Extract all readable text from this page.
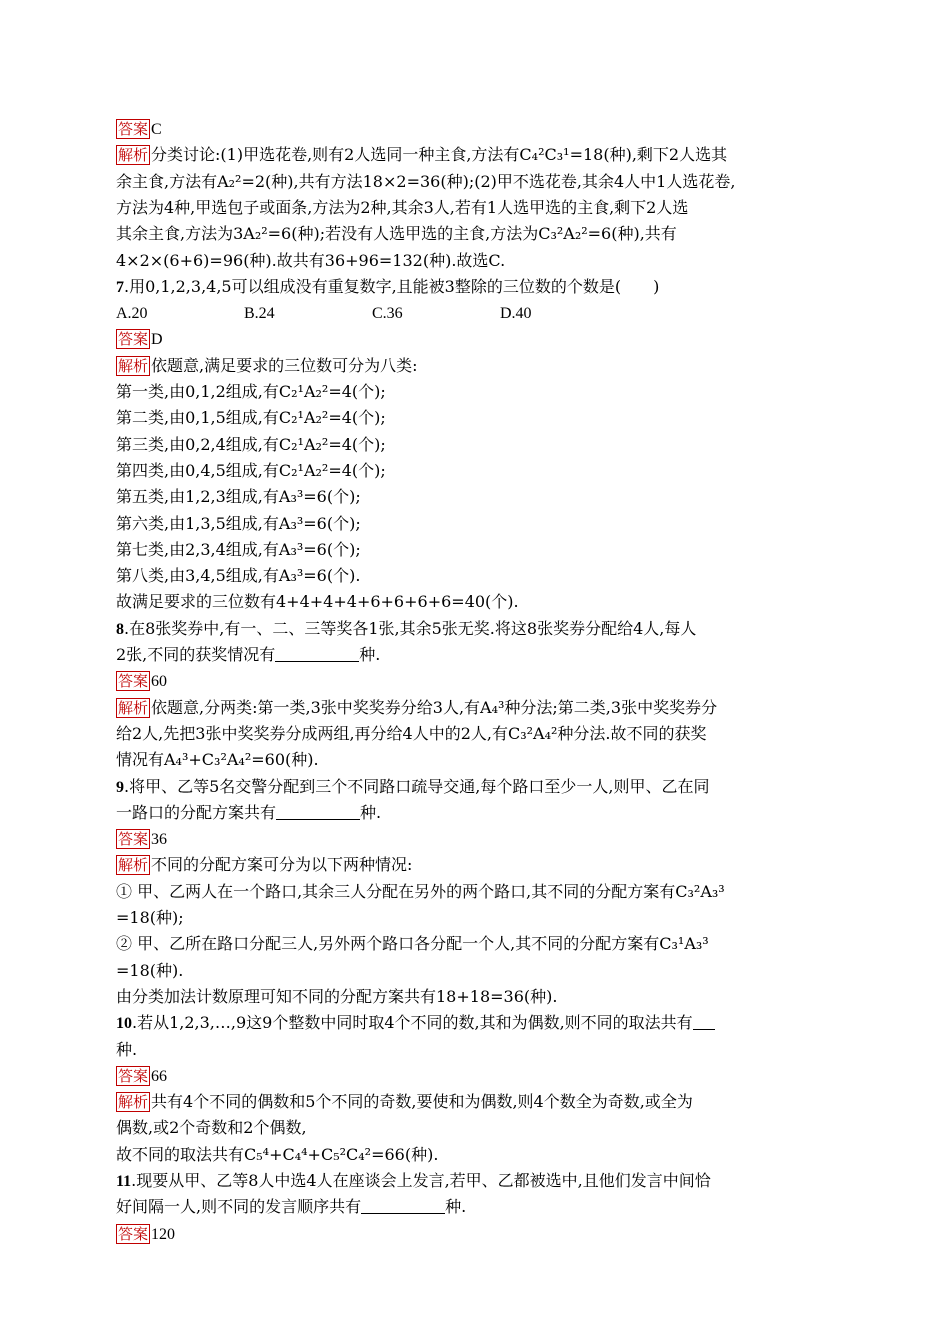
答案 C
解析 分类讨论:(1)甲选花卷,则有2人选同一种主食,方法有C₄²C₃¹=18(种),剩下2人选其
余主食,方法有A₂²=2(种),共有方法18×2=36(种);(2)甲不选花卷,其余4人中1人选花卷,
方法为4种,甲选包子或面条,方法为2种,其余3人,若有1人选甲选的主食,剩下2人选
其余主食,方法为3A₂²=6(种);若没有人选甲选的主食,方法为C₃²A₂²=6(种),共有
4×2×(6+6)=96(种).故共有36+96=132(种).故选C.
7.用0,1,2,3,4,5可以组成没有重复数字,且能被3整除的三位数的个数是(　　)
A.20	B.24	C.36	D.40
答案 D
解析 依题意,满足要求的三位数可分为八类:
第一类,由0,1,2组成,有C₂¹A₂²=4(个);
第二类,由0,1,5组成,有C₂¹A₂²=4(个);
第三类,由0,2,4组成,有C₂¹A₂²=4(个);
第四类,由0,4,5组成,有C₂¹A₂²=4(个);
第五类,由1,2,3组成,有A₃³=6(个);
第六类,由1,3,5组成,有A₃³=6(个);
第七类,由2,3,4组成,有A₃³=6(个);
第八类,由3,4,5组成,有A₃³=6(个).
故满足要求的三位数有4+4+4+4+6+6+6+6=40(个).
8.在8张奖券中,有一、二、三等奖各1张,其余5张无奖.将这8张奖券分配给4人,每人
2张,不同的获奖情况有	种.
答案 60
解析 依题意,分两类:第一类,3张中奖奖券分给3人,有A₄³种分法;第二类,3张中奖奖券分
给2人,先把3张中奖奖券分成两组,再分给4人中的2人,有C₃²A₄²种分法.故不同的获奖
情况有A₄³+C₃²A₄²=60(种).
9.将甲、乙等5名交警分配到三个不同路口疏导交通,每个路口至少一人,则甲、乙在同
一路口的分配方案共有	种.
答案 36
解析 不同的分配方案可分为以下两种情况:
① 甲、乙两人在一个路口,其余三人分配在另外的两个路口,其不同的分配方案有C₃²A₃³
=18(种);
② 甲、乙所在路口分配三人,另外两个路口各分配一个人,其不同的分配方案有C₃¹A₃³
=18(种).
由分类加法计数原理可知不同的分配方案共有18+18=36(种).
10.若从1,2,3,…,9这9个整数中同时取4个不同的数,其和为偶数,则不同的取法共有
种.
答案 66
解析 共有4个不同的偶数和5个不同的奇数,要使和为偶数,则4个数全为奇数,或全为
偶数,或2个奇数和2个偶数,
故不同的取法共有C₅⁴+C₄⁴+C₅²C₄²=66(种).
11.现要从甲、乙等8人中选4人在座谈会上发言,若甲、乙都被选中,且他们发言中间恰
好间隔一人,则不同的发言顺序共有	种.
答案 120
